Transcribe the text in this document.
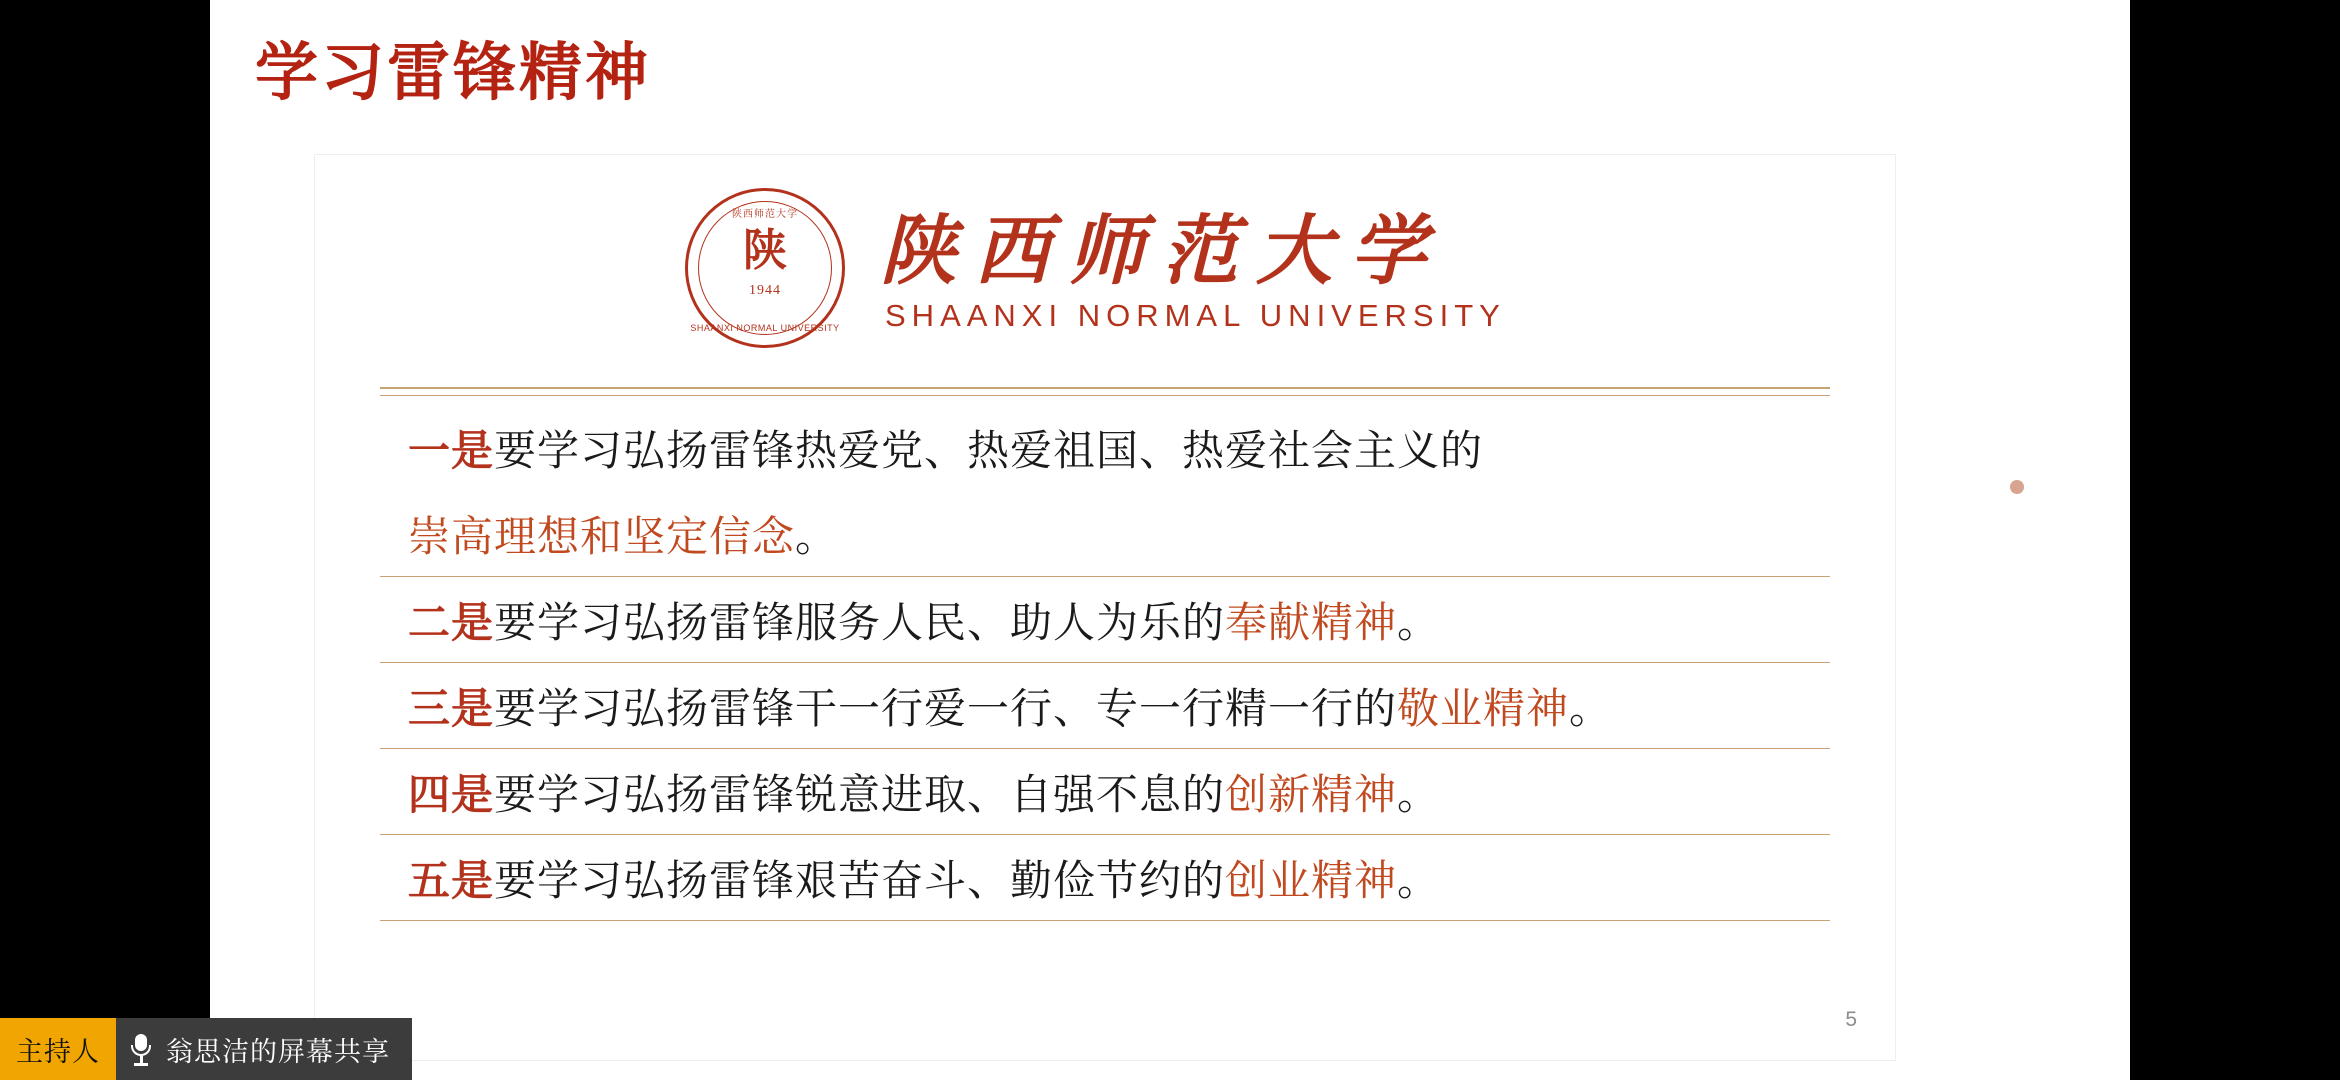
学习雷锋精神
陕西师范大学
陕
1944
SHAANXI NORMAL UNIVERSITY
陕西师范大学
SHAANXI NORMAL UNIVERSITY
一是 要学习弘扬雷锋热爱党、热爱祖国、热爱社会主义的
崇高理想和坚定信念 。
二是 要学习弘扬雷锋服务人民、助人为乐的 奉献精神 。
三是 要学习弘扬雷锋干一行爱一行、专一行精一行的 敬业精神 。
四是 要学习弘扬雷锋锐意进取、自强不息的 创新精神 。
五是 要学习弘扬雷锋艰苦奋斗、勤俭节约的 创业精神 。
5
主持人 翁思洁的屏幕共享
